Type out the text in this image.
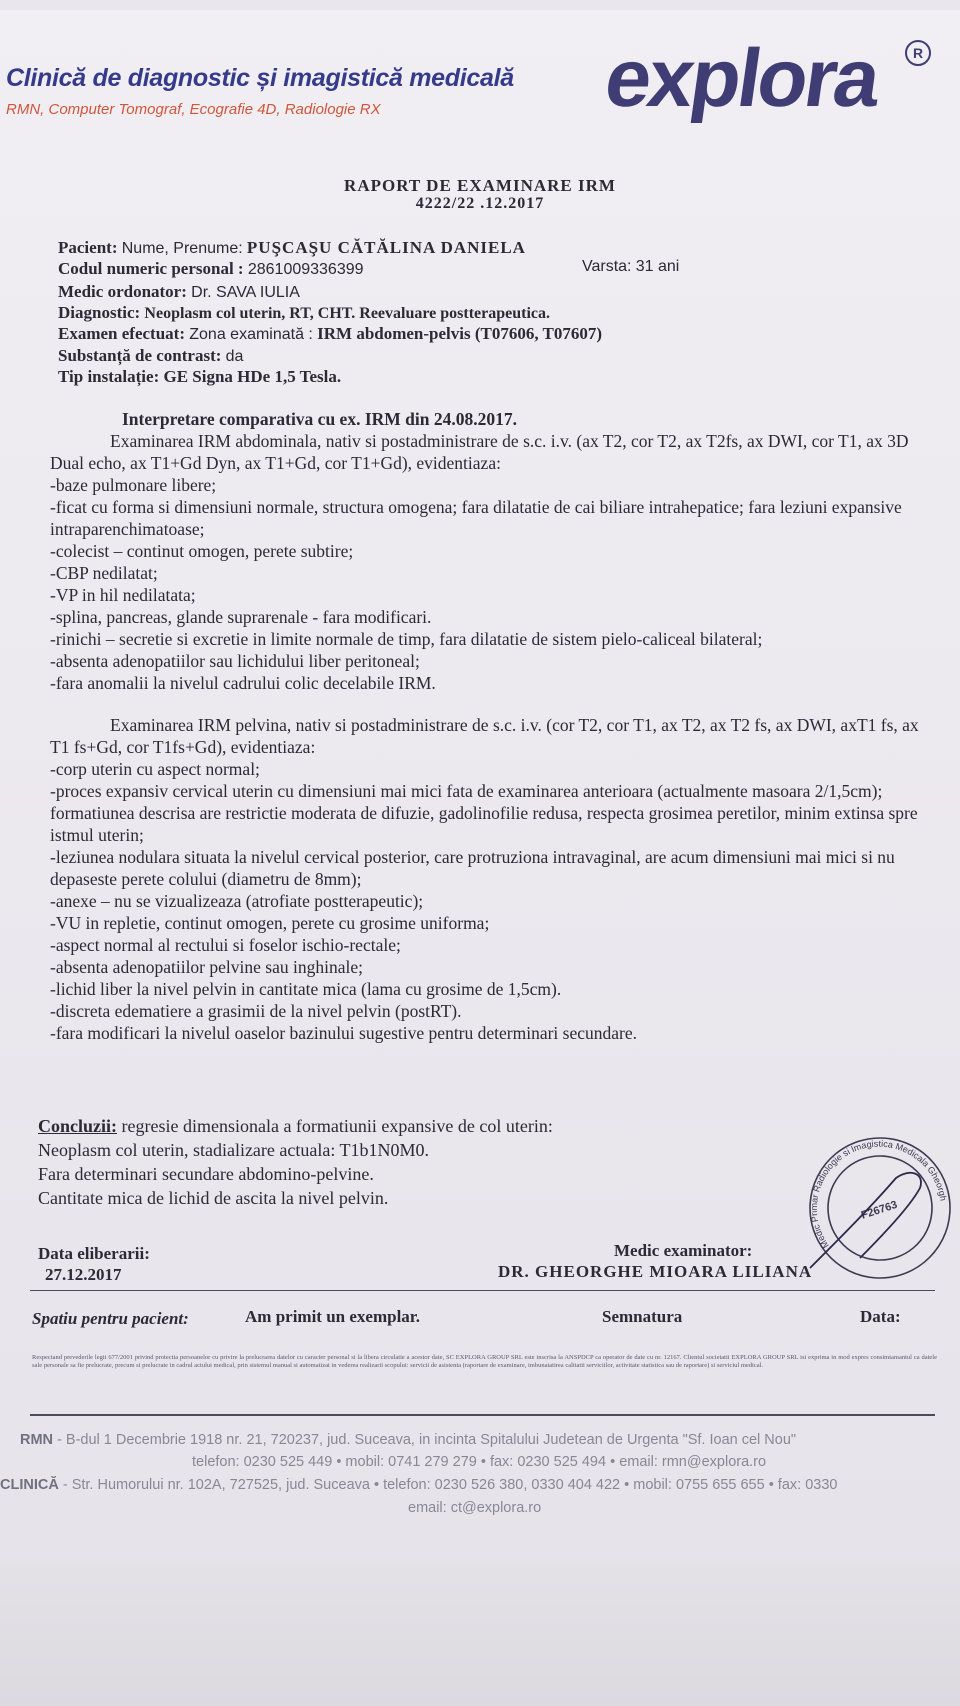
Clinică de diagnostic și imagistică medicală
RMN, Computer Tomograf, Ecografie 4D, Radiologie RX	explora	R
RAPORT DE EXAMINARE IRM
4222/22 .12.2017
Pacient: Nume, Prenume: PUŞCAŞU CĂTĂLINA DANIELA
Codul numeric personal : 2861009336399	Varsta: 31 ani
Medic ordonator: Dr. SAVA IULIA
Diagnostic: Neoplasm col uterin, RT, CHT. Reevaluare postterapeutica.
Examen efectuat: Zona examinată : IRM abdomen-pelvis (T07606, T07607)
Substanță de contrast: da
Tip instalație: GE Signa HDe 1,5 Tesla.

Interpretare comparativa cu ex. IRM din 24.08.2017.

Examinarea IRM abdominala, nativ si postadministrare de s.c. i.v. (ax T2, cor T2, ax T2fs, ax DWI, cor T1, ax 3D Dual echo, ax T1+Gd Dyn, ax T1+Gd, cor T1+Gd), evidentiaza:

-baze pulmonare libere;

-ficat cu forma si dimensiuni normale, structura omogena; fara dilatatie de cai biliare intrahepatice; fara leziuni expansive intraparenchimatoase;

-colecist – continut omogen, perete subtire;

-CBP nedilatat;

-VP in hil nedilatata;

-splina, pancreas, glande suprarenale - fara modificari.

-rinichi – secretie si excretie in limite normale de timp, fara dilatatie de sistem pielo-caliceal bilateral;

-absenta adenopatiilor sau lichidului liber peritoneal;

-fara anomalii la nivelul cadrului colic decelabile IRM.

Examinarea IRM pelvina, nativ si postadministrare de s.c. i.v. (cor T2, cor T1, ax T2, ax T2 fs, ax DWI, axT1 fs, ax T1 fs+Gd, cor T1fs+Gd), evidentiaza:

-corp uterin cu aspect normal;

-proces expansiv cervical uterin cu dimensiuni mai mici fata de examinarea anterioara (actualmente masoara 2/1,5cm); formatiunea descrisa are restrictie moderata de difuzie, gadolinofilie redusa, respecta grosimea peretilor, minim extinsa spre istmul uterin;

-leziunea nodulara situata la nivelul cervical posterior, care protruziona intravaginal, are acum dimensiuni mai mici si nu depaseste perete colului (diametru de 8mm);

-anexe – nu se vizualizeaza (atrofiate postterapeutic);

-VU in repletie, continut omogen, perete cu grosime uniforma;

-aspect normal al rectului si foselor ischio-rectale;

-absenta adenopatiilor pelvine sau inghinale;

-lichid liber la nivel pelvin in cantitate mica (lama cu grosime de 1,5cm).

-discreta edematiere a grasimii de la nivel pelvin (postRT).

-fara modificari la nivelul oaselor bazinului sugestive pentru determinari secundare.

Concluzii: regresie dimensionala a formatiunii expansive de col uterin:
Neoplasm col uterin, stadializare actuala: T1b1N0M0.
Fara determinari secundare abdomino-pelvine.
Cantitate mica de lichid de ascita la nivel pelvin.
Medic Primar Radiologie si Imagistica Medicala Gheorghe
F26763
Data eliberarii:
27.12.2017
Medic examinator:
DR. GHEORGHE MIOARA LILIANA
Spatiu pentru pacient:	Am primit un exemplar.	Semnatura	Data:
Respectand prevederile legii 677/2001 privind protectia persoanelor cu privire la prelucrarea datelor cu caracter personal si la libera circulatie a acestor date, SC EXPLORA GROUP SRL este inscrisa la ANSPDCP ca operator de date cu nr. 12167. Clientul societatii EXPLORA GROUP SRL isi exprima in mod expres consimtamantul ca datele sale personale sa fie prelucrate, precum si prelucrate in cadrul actului medical, prin sistemul manual si automatizat in vederea realizarii scopului: servicii de asistenta (raportare de examinare, imbunatatirea calitatii serviciilor, activitate statistica sau de raportare) si serviciul medical.
RMN - B-dul 1 Decembrie 1918 nr. 21, 720237, jud. Suceava, in incinta Spitalului Judetean de Urgenta "Sf. Ioan cel Nou"
telefon: 0230 525 449 • mobil: 0741 279 279 • fax: 0230 525 494 • email: rmn@explora.ro
CLINICĂ - Str. Humorului nr. 102A, 727525, jud. Suceava • telefon: 0230 526 380, 0330 404 422 • mobil: 0755 655 655 • fax: 0330
email: ct@explora.ro
